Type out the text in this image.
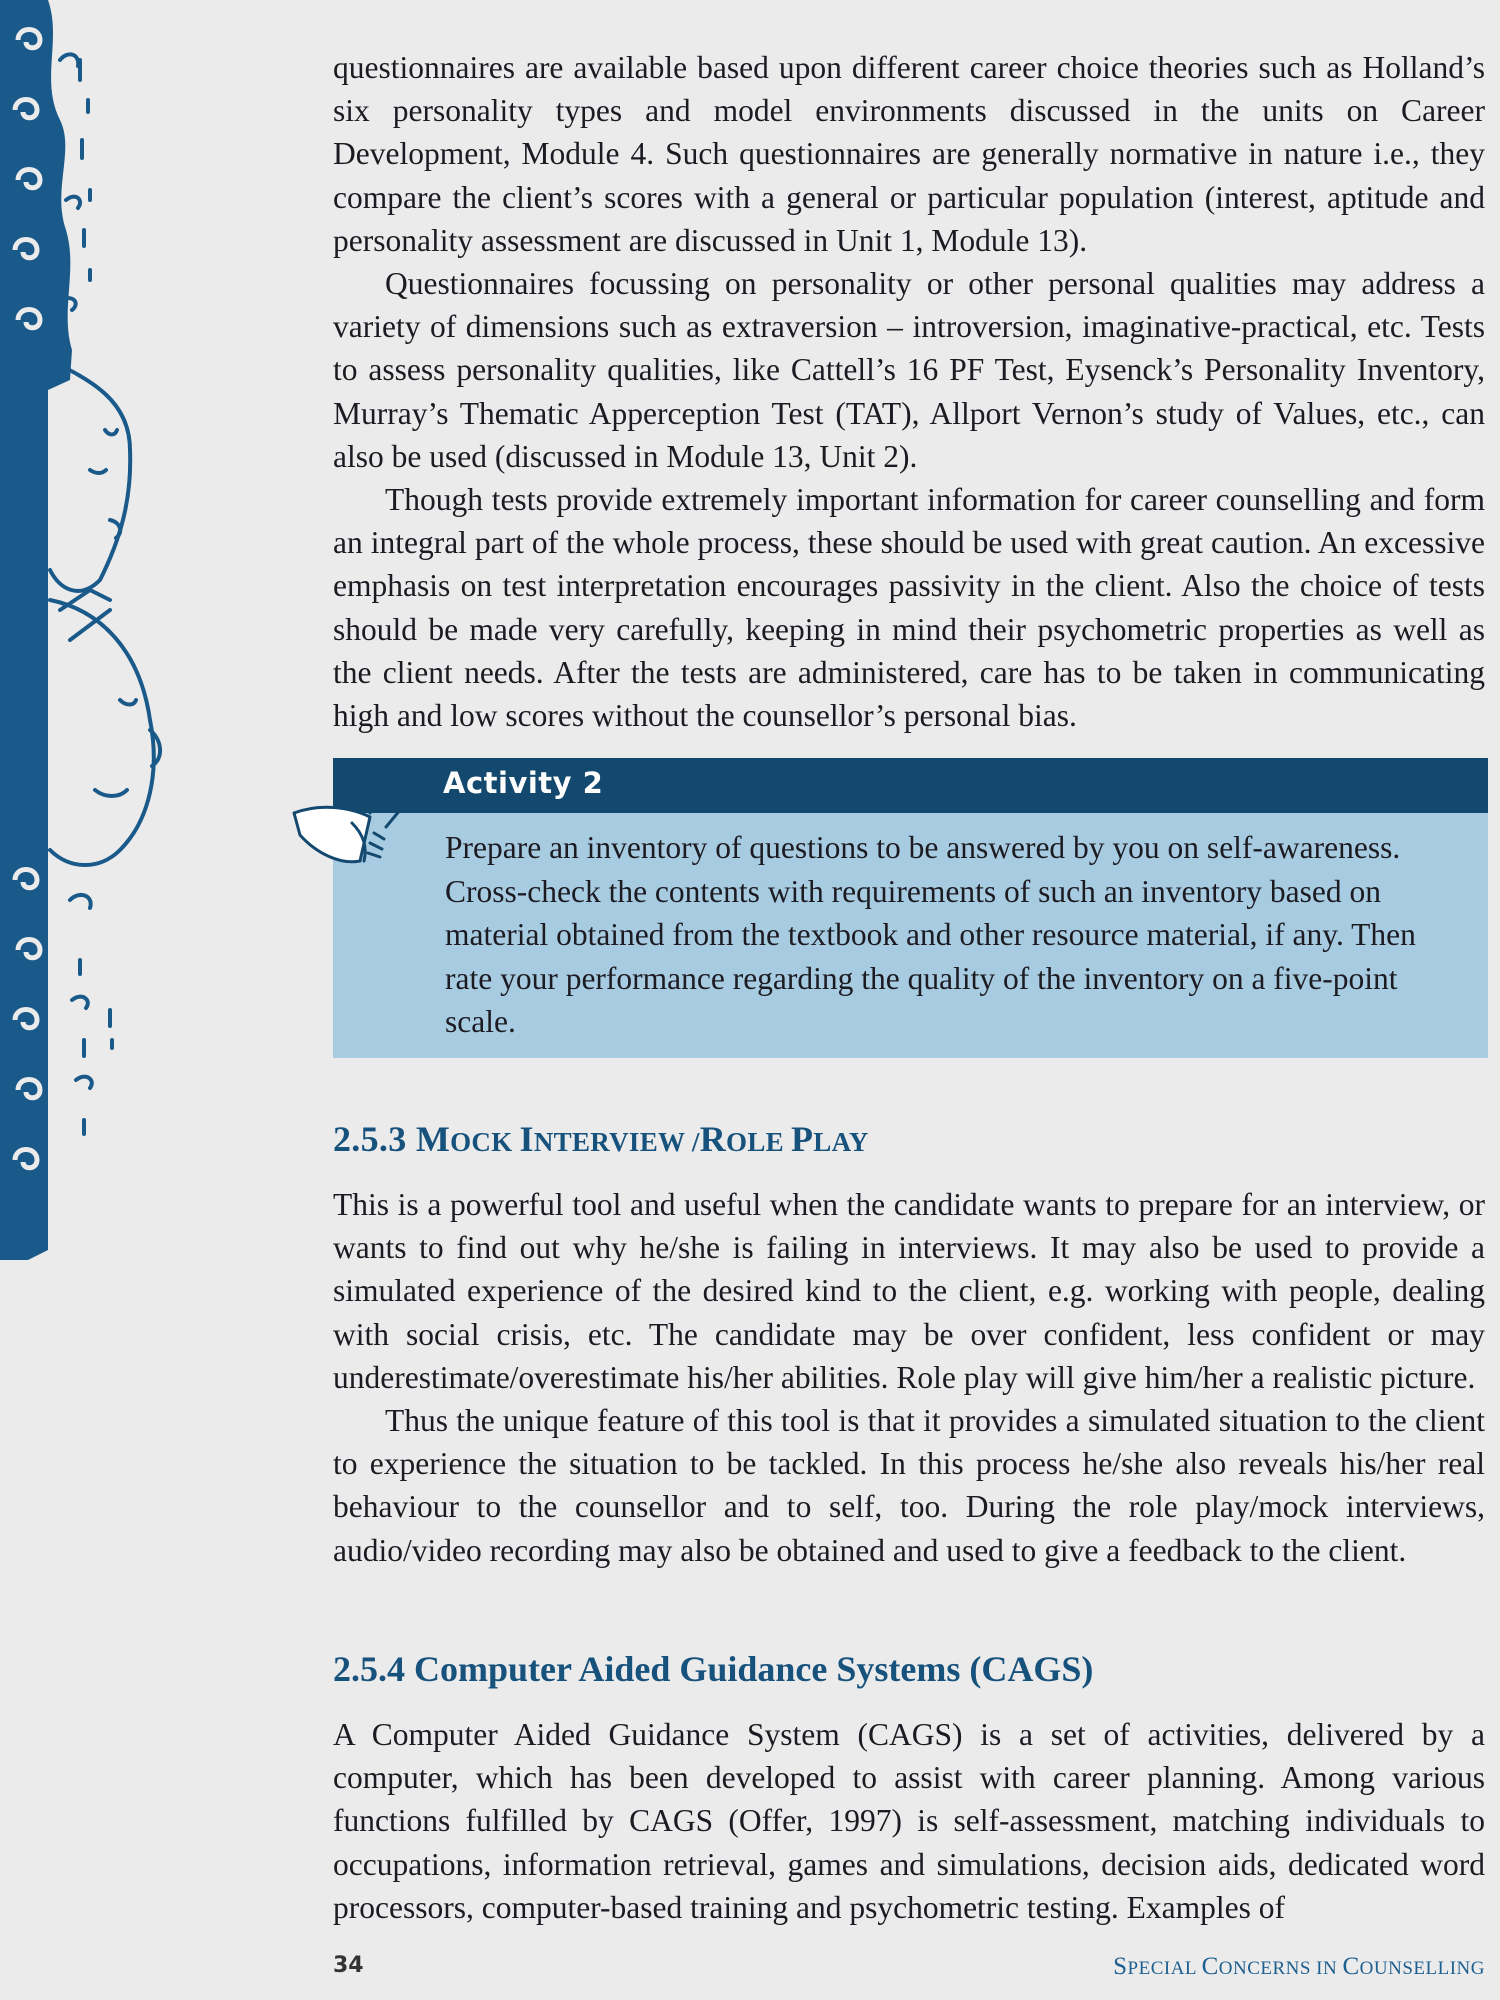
questionnaires are available based upon different career choice theories such as Holland’s six personality types and model environments discussed in the units on Career Development, Module 4. Such questionnaires are generally normative in nature i.e., they compare the client’s scores with a general or particular population (interest, aptitude and personality assessment are discussed in Unit 1, Module 13).

Questionnaires focussing on personality or other personal qualities may address a variety of dimensions such as extraversion – introversion, imaginative-practical, etc. Tests to assess personality qualities, like Cattell’s 16 PF Test, Eysenck’s Personality Inventory, Murray’s Thematic Apperception Test (TAT), Allport Vernon’s study of Values, etc., can also be used (discussed in Module 13, Unit 2).

Though tests provide extremely important information for career counselling and form an integral part of the whole process, these should be used with great caution. An excessive emphasis on test interpretation encourages passivity in the client. Also the choice of tests should be made very carefully, keeping in mind their psychometric properties as well as the client needs. After the tests are administered, care has to be taken in communicating high and low scores without the counsellor’s personal bias.

Activity 2
Prepare an inventory of questions to be answered by you on self-awareness. Cross-check the contents with requirements of such an inventory based on material obtained from the textbook and other resource material, if any. Then rate your performance regarding the quality of the inventory on a five-point scale.
2.5.3 MOCK INTERVIEW /ROLE PLAY

This is a powerful tool and useful when the candidate wants to prepare for an interview, or wants to find out why he/she is failing in interviews. It may also be used to provide a simulated experience of the desired kind to the client, e.g. working with people, dealing with social crisis, etc. The candidate may be over confident, less confident or may underestimate/overestimate his/her abilities. Role play will give him/her a realistic picture.

Thus the unique feature of this tool is that it provides a simulated situation to the client to experience the situation to be tackled. In this process he/she also reveals his/her real behaviour to the counsellor and to self, too. During the role play/mock interviews, audio/video recording may also be obtained and used to give a feedback to the client.

2.5.4 Computer Aided Guidance Systems (CAGS)

A Computer Aided Guidance System (CAGS) is a set of activities, delivered by a computer, which has been developed to assist with career planning. Among various functions fulfilled by CAGS (Offer, 1997) is self-assessment, matching individuals to occupations, information retrieval, games and simulations, decision aids, dedicated word processors, computer-based training and psychometric testing. Examples of

34	SPECIAL CONCERNS IN COUNSELLING
